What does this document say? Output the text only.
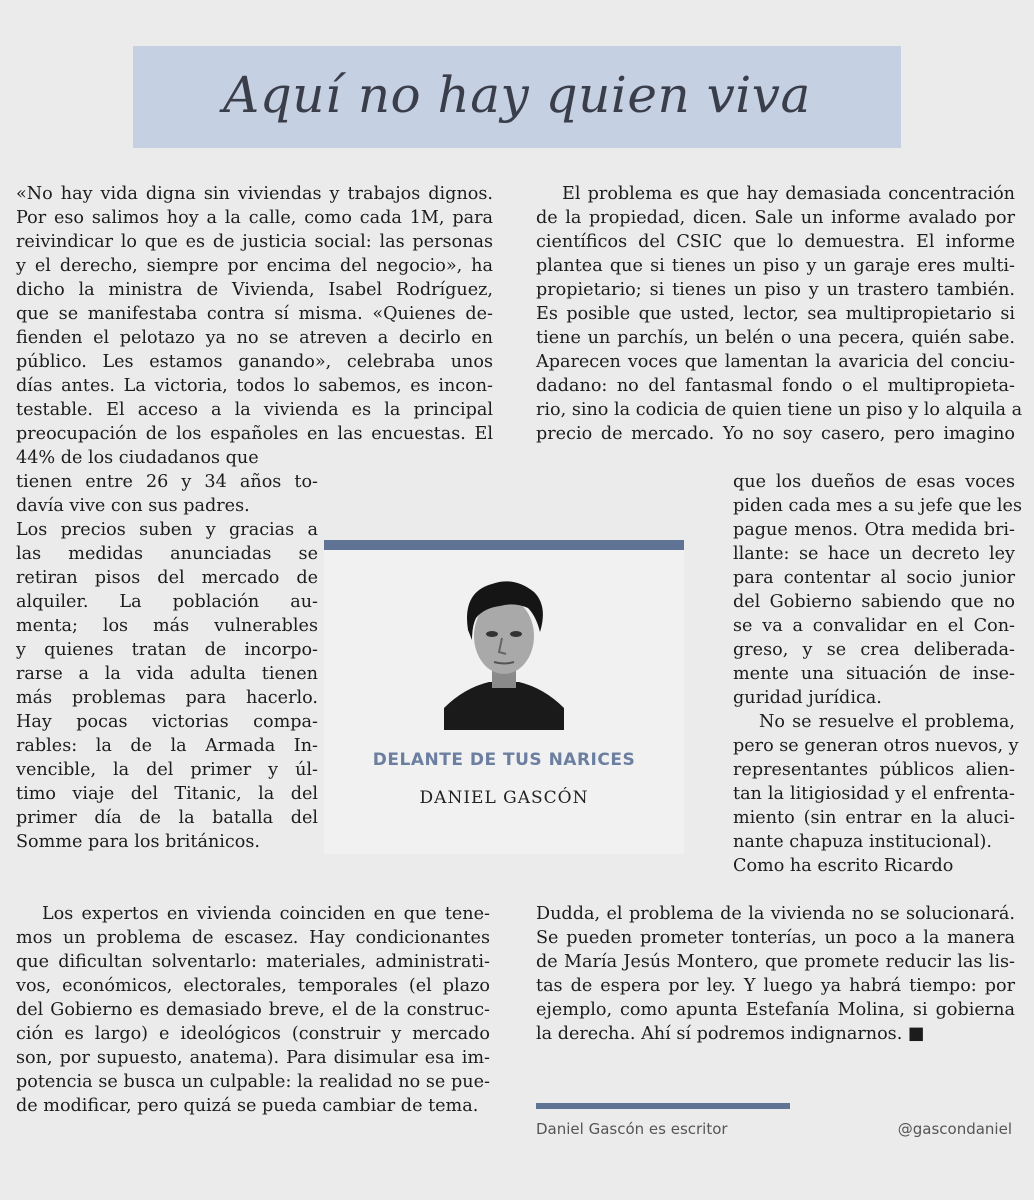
Aquí no hay quien viva
«No hay vida digna sin viviendas y trabajos dignos.
Por eso salimos hoy a la calle, como cada 1M, para
reivindicar lo que es de justicia social: las personas
y el derecho, siempre por encima del negocio», ha
dicho la ministra de Vivienda, Isabel Rodríguez,
que se manifestaba contra sí misma. «Quienes de-
fienden el pelotazo ya no se atreven a decirlo en
público. Les estamos ganando», celebraba unos
días antes. La victoria, todos lo sabemos, es incon-
testable. El acceso a la vivienda es la principal
preocupación de los españoles en las encuestas. El
44% de los ciudadanos que
tienen entre 26 y 34 años to-
davía vive con sus padres.
Los precios suben y gracias a
las medidas anunciadas se
retiran pisos del mercado de
alquiler. La población au-
menta; los más vulnerables
y quienes tratan de incorpo-
rarse a la vida adulta tienen
más problemas para hacerlo.
Hay pocas victorias compa-
rables: la de la Armada In-
vencible, la del primer y úl-
timo viaje del Titanic, la del
primer día de la batalla del
Somme para los británicos.
Los expertos en vivienda coinciden en que tene-
mos un problema de escasez. Hay condicionantes
que dificultan solventarlo: materiales, administrati-
vos, económicos, electorales, temporales (el plazo
del Gobierno es demasiado breve, el de la construc-
ción es largo) e ideológicos (construir y mercado
son, por supuesto, anatema). Para disimular esa im-
potencia se busca un culpable: la realidad no se pue-
de modificar, pero quizá se pueda cambiar de tema.
El problema es que hay demasiada concentración
de la propiedad, dicen. Sale un informe avalado por
científicos del CSIC que lo demuestra. El informe
plantea que si tienes un piso y un garaje eres multi-
propietario; si tienes un piso y un trastero también.
Es posible que usted, lector, sea multipropietario si
tiene un parchís, un belén o una pecera, quién sabe.
Aparecen voces que lamentan la avaricia del conciu-
dadano: no del fantasmal fondo o el multipropieta-
rio, sino la codicia de quien tiene un piso y lo alquila a
precio de mercado. Yo no soy casero, pero imagino
que los dueños de esas voces
piden cada mes a su jefe que les
pague menos. Otra medida bri-
llante: se hace un decreto ley
para contentar al socio junior
del Gobierno sabiendo que no
se va a convalidar en el Con-
greso, y se crea deliberada-
mente una situación de inse-
guridad jurídica.
No se resuelve el problema,
pero se generan otros nuevos, y
representantes públicos alien-
tan la litigiosidad y el enfrenta-
miento (sin entrar en la aluci-
nante chapuza institucional).
Como ha escrito Ricardo
Dudda, el problema de la vivienda no se solucionará.
Se pueden prometer tonterías, un poco a la manera
de María Jesús Montero, que promete reducir las lis-
tas de espera por ley. Y luego ya habrá tiempo: por
ejemplo, como apunta Estefanía Molina, si gobierna
la derecha. Ahí sí podremos indignarnos. ■
DELANTE DE TUS NARICES
DANIEL GASCÓN
Daniel Gascón es escritor	@gascondaniel
